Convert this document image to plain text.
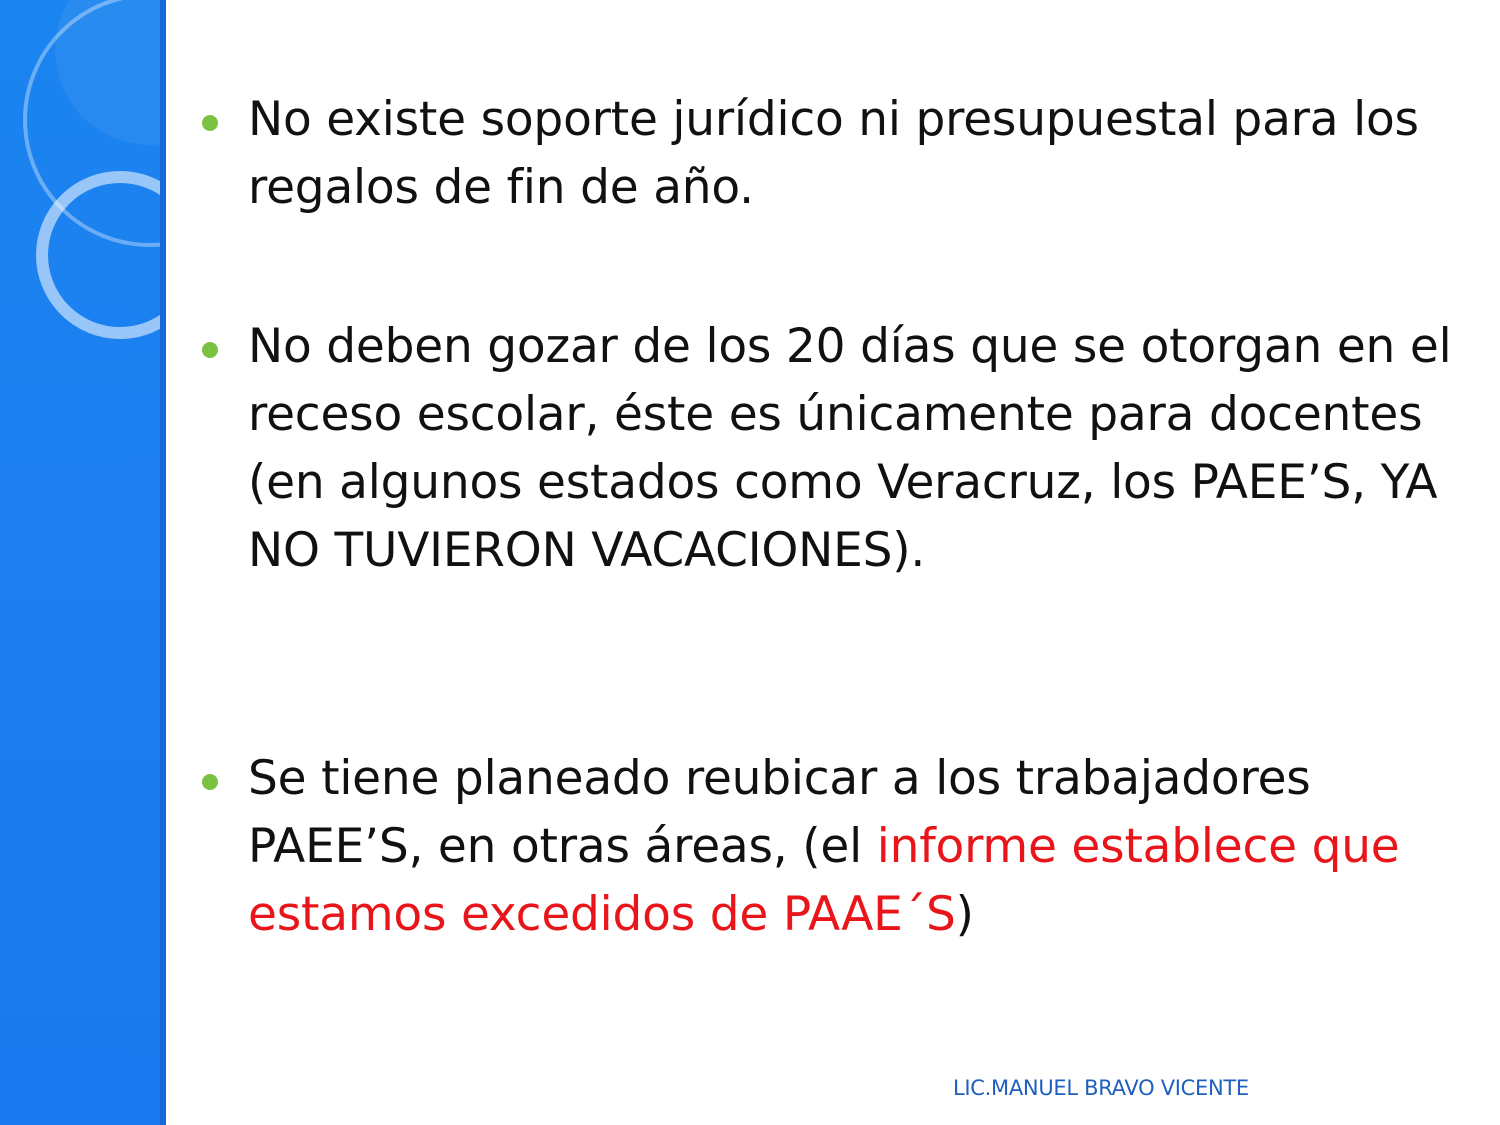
No existe soporte jurídico ni presupuestal para los regalos de fin de año.
No deben gozar de los 20 días que se otorgan en el receso escolar, éste es únicamente para docentes (en algunos estados como Veracruz, los PAEE’S, YA NO TUVIERON VACACIONES).
Se tiene planeado reubicar a los trabajadores PAEE’S, en otras áreas, (el informe establece que estamos excedidos de PAAE´S)
LIC.MANUEL BRAVO VICENTE
